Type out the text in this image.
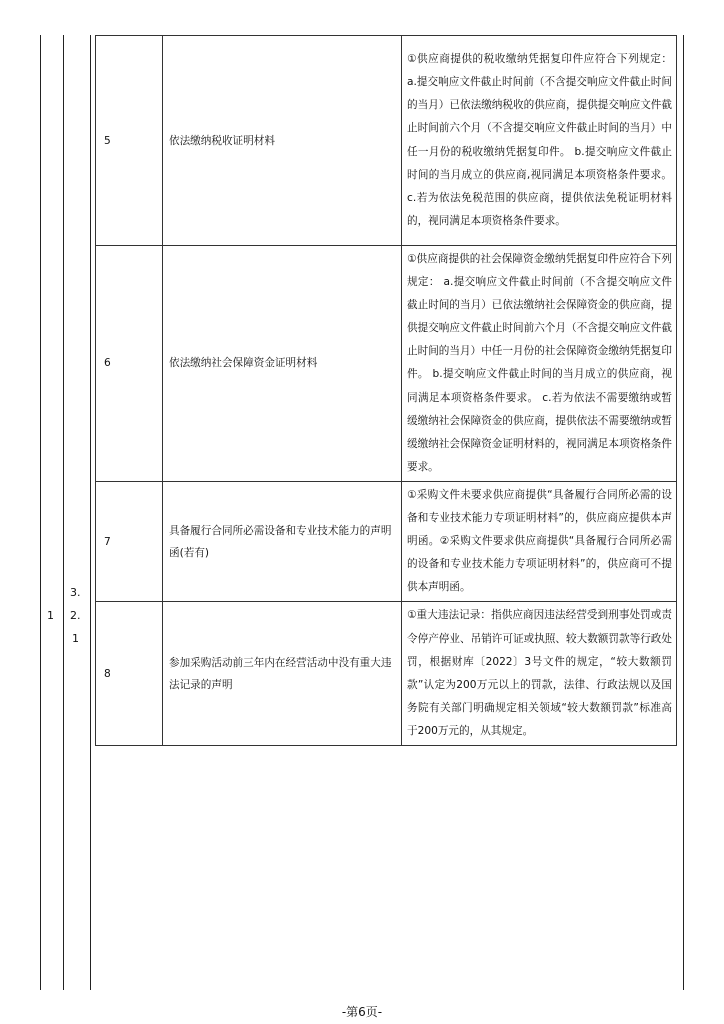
1
3.
2.
1
5	依法缴纳税收证明材料	①供应商提供的税收缴纳凭据复印件应符合下列规定： a.提交响应文件截止时间前（不含提交响应文件截止时间的当月）已依法缴纳税收的供应商，提供提交响应文件截止时间前六个月（不含提交响应文件截止时间的当月）中任一月份的税收缴纳凭据复印件。 b.提交响应文件截止时间的当月成立的供应商,视同满足本项资格条件要求。 c.若为依法免税范围的供应商，提供依法免税证明材料的，视同满足本项资格条件要求。
6	依法缴纳社会保障资金证明材料	①供应商提供的社会保障资金缴纳凭据复印件应符合下列规定： a.提交响应文件截止时间前（不含提交响应文件截止时间的当月）已依法缴纳社会保障资金的供应商，提供提交响应文件截止时间前六个月（不含提交响应文件截止时间的当月）中任一月份的社会保障资金缴纳凭据复印件。 b.提交响应文件截止时间的当月成立的供应商，视同满足本项资格条件要求。 c.若为依法不需要缴纳或暂缓缴纳社会保障资金的供应商，提供依法不需要缴纳或暂缓缴纳社会保障资金证明材料的，视同满足本项资格条件要求。
7	具备履行合同所必需设备和专业技术能力的声明函(若有)	①采购文件未要求供应商提供“具备履行合同所必需的设备和专业技术能力专项证明材料”的，供应商应提供本声明函。②采购文件要求供应商提供“具备履行合同所必需的设备和专业技术能力专项证明材料”的，供应商可不提供本声明函。
8	参加采购活动前三年内在经营活动中没有重大违法记录的声明	①重大违法记录：指供应商因违法经营受到刑事处罚或责令停产停业、吊销许可证或执照、较大数额罚款等行政处罚，根据财库〔2022〕3号文件的规定，“较大数额罚款”认定为200万元以上的罚款，法律、行政法规以及国务院有关部门明确规定相关领域“较大数额罚款”标准高于200万元的，从其规定。
-第6页-
